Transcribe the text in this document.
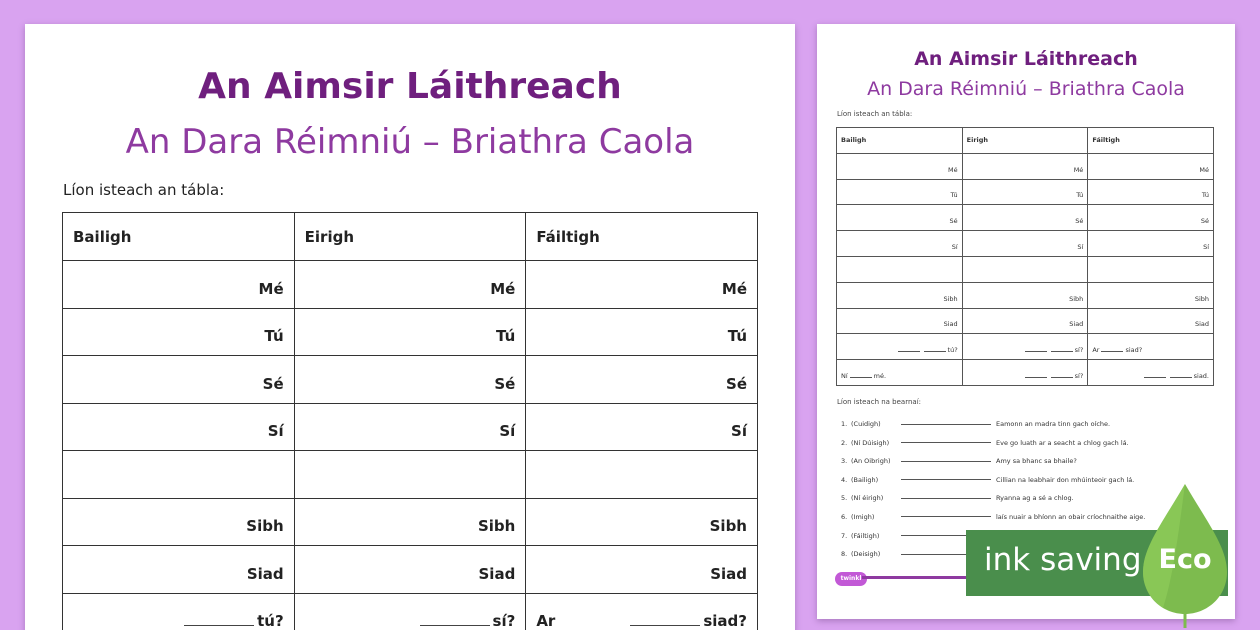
An Aimsir Láithreach
An Dara Réimniú – Briathra Caola
Líon isteach an tábla:
Bailigh	Eirigh	Fáiltigh
Mé	Mé	Mé
Tú	Tú	Tú
Sé	Sé	Sé
Sí	Sí	Sí

Sibh	Sibh	Sibh
Siad	Siad	Siad
tú?	sí?	Ar siad?
An Aimsir Láithreach
An Dara Réimniú – Briathra Caola
Líon isteach an tábla:
Bailigh	Eirigh	Fáiltigh
Mé	Mé	Mé
Tú	Tú	Tú
Sé	Sé	Sé
Sí	Sí	Sí

Sibh	Sibh	Sibh
Siad	Siad	Siad
tú?	sí?	Ar siad?
Ní mé.	sí?	siad.
Líon isteach na bearnaí:
1. (Cuidigh)	Eamonn an madra tinn gach oíche.
2. (Ní Dúisigh)	Eve go luath ar a seacht a chlog gach lá.
3. (An Oibrigh)	Amy sa bhanc sa bhaile?
4. (Bailigh)	Cillian na leabhair don mhúinteoir gach lá.
5. (Ní éirigh)	Ryanna ag a sé a chlog.
6. (Imigh)	laís nuair a bhíonn an obair críochnaithe aige.
7. (Fáiltigh)
8. (Deisigh)
twinkl
ink saving Eco
